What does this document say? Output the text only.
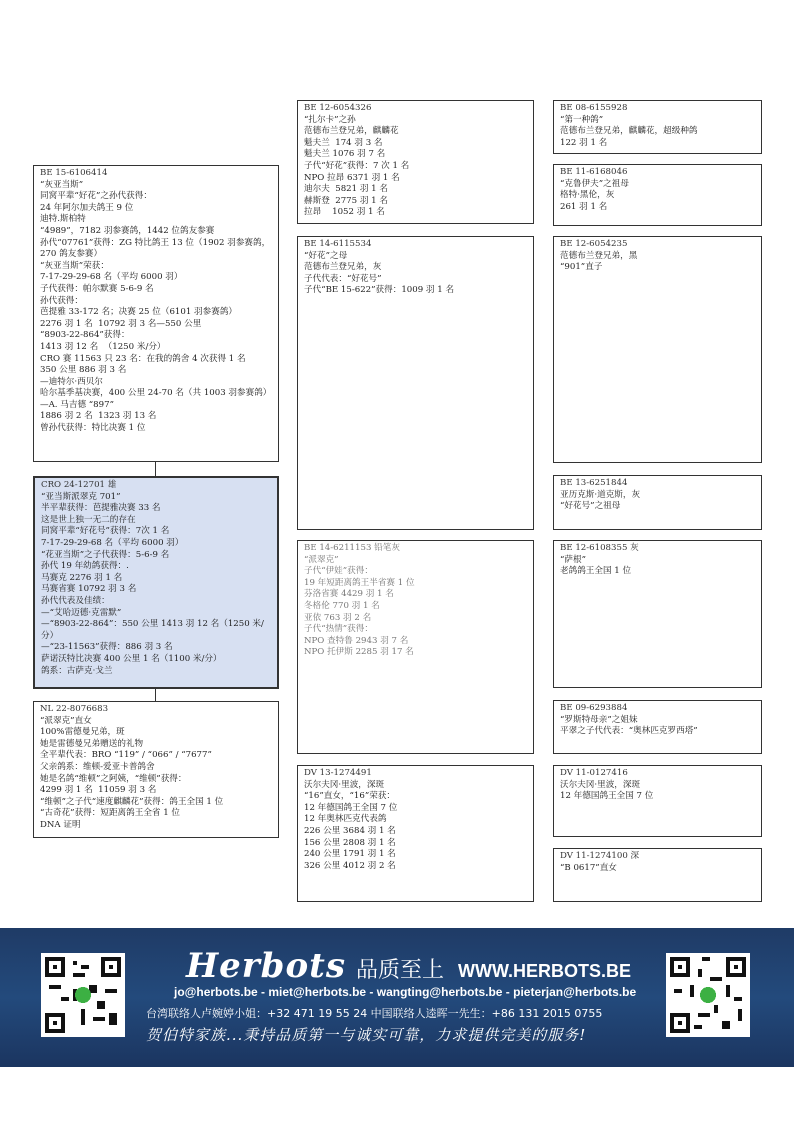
BE 15-6106414
“灰亚当斯”
同窝平辈“好花”之孙代获得：
24 年阿尔加夫鸽王 9 位
迪特.斯柏特
“4989”，7182 羽参赛鸽，1442 位鸽友参赛
孙代“07761”获得：ZG 特比鸽王 13 位（1902 羽参赛鸽，270 鸽友参赛）
“灰亚当斯”荣获：
7-17-29-29-68 名（平均 6000 羽）
子代获得：帕尔默赛 5-6-9 名
孙代获得：
芭提雅 33-172 名；决赛 25 位（6101 羽参赛鸽）
2276 羽 1 名  10792 羽 3 名—550 公里
“8903-22-864”获得：
1413 羽 12 名  （1250 米/分）
CRO 赛 11563 只 23 名：在我的鸽舍 4 次获得 1 名
350 公里 886 羽 3 名
—迪特尔·西贝尔
哈尔基季基决赛，400 公里 24-70 名（共 1003 羽参赛鸽）
—A. 马吉德 “897”
1886 羽 2 名  1323 羽 13 名
曾孙代获得：特比决赛 1 位
CRO 24-12701 雄
“亚当斯派翠克 701”
半平辈获得：芭提雅决赛 33 名
这是世上独一无二的存在
同窝平辈“好花号”获得：7次 1 名
7-17-29-29-68 名（平均 6000 羽）
“花亚当斯”之子代获得：5-6-9 名
孙代 19 年幼鸽获得：.
马赛克 2276 羽 1 名
马赛省赛 10792 羽 3 名
孙代代表及佳绩：
—“艾哈迈德·克雷默”
—“8903-22-864”：550 公里 1413 羽 12 名（1250 米/分）
—“23-11563”获得：886 羽 3 名
萨诺沃特比决赛 400 公里 1 名（1100 米/分）
鸽系：古萨克·戈兰
NL 22-8076683
“派翠克”直女
100%雷德曼兄弟，斑
她是雷德曼兄弟赠送的礼物
全平辈代表：BRO “119” / “066” / “7677”
父亲鸽系：维顿-爱亚卡普鸽舍
她是名鸽“维顿”之阿姨，“维顿”获得：
4299 羽 1 名  11059 羽 3 名
“维顿”之子代“速度麒麟花”获得：鸽王全国 1 位
“古奇花”获得：短距离鸽王全省 1 位
DNA 证明
BE 12-6054326
“扎尔卡”之孙
范德布兰登兄弟，麒麟花
魁夫兰  174 羽 3 名
魁夫兰 1076 羽 7 名
子代“好花”获得：7 次 1 名
NPO 拉昂 6371 羽 1 名
迪尔夫  5821 羽 1 名
赫斯登  2775 羽 1 名
拉昂    1052 羽 1 名
BE 14-6115534
“好花”之母
范德布兰登兄弟，灰
子代代表：“好花号”
子代“BE 15-622”获得：1009 羽 1 名
BE 14-6211153 铅笔灰
“派翠克”
子代“伊娃”获得：
19 年短距离鸽王半省赛 1 位
芬洛省赛 4429 羽 1 名
冬格伦 770 羽 1 名
亚依 763 羽 2 名
子代“热情”获得：
NPO 查特鲁 2943 羽 7 名
NPO 托伊斯 2285 羽 17 名
DV 13-1274491
沃尔夫冈·里波，深斑
“16”直女，“16”荣获：
12 年德国鸽王全国 7 位
12 年奥林匹克代表鸽
226 公里 3684 羽 1 名
156 公里 2808 羽 1 名
240 公里 1791 羽 1 名
326 公里 4012 羽 2 名
BE 08-6155928
“第一种鸽”
范德布兰登兄弟，麒麟花，超级种鸽
122 羽 1 名
BE 11-6168046
“克鲁伊夫”之祖母
格特·黑伦，灰
261 羽 1 名
BE 12-6054235
范德布兰登兄弟，黑
“901”直子
BE 13-6251844
亚历克斯·道克斯，灰
“好花号”之祖母
BE 12-6108355 灰
“萨根”
老鸽鸽王全国 1 位
BE 09-6293884
“罗斯特母亲”之姐妹
平翠之子代代表：“奥林匹克罗西塔”
DV 11-0127416
沃尔夫冈·里波，深斑
12 年德国鸽王全国 7 位
DV 11-1274100 深
“B 0617”直女
Herbots 品质至上 WWW.HERBOTS.BE
jo@herbots.be - miet@herbots.be - wangting@herbots.be - pieterjan@herbots.be
台湾联络人卢婉婷小姐：+32 471 19 55 24 中国联络人逵晖一先生：+86 131 2015 0755
贺伯特家族...秉持品质第一与诚实可靠，力求提供完美的服务!
